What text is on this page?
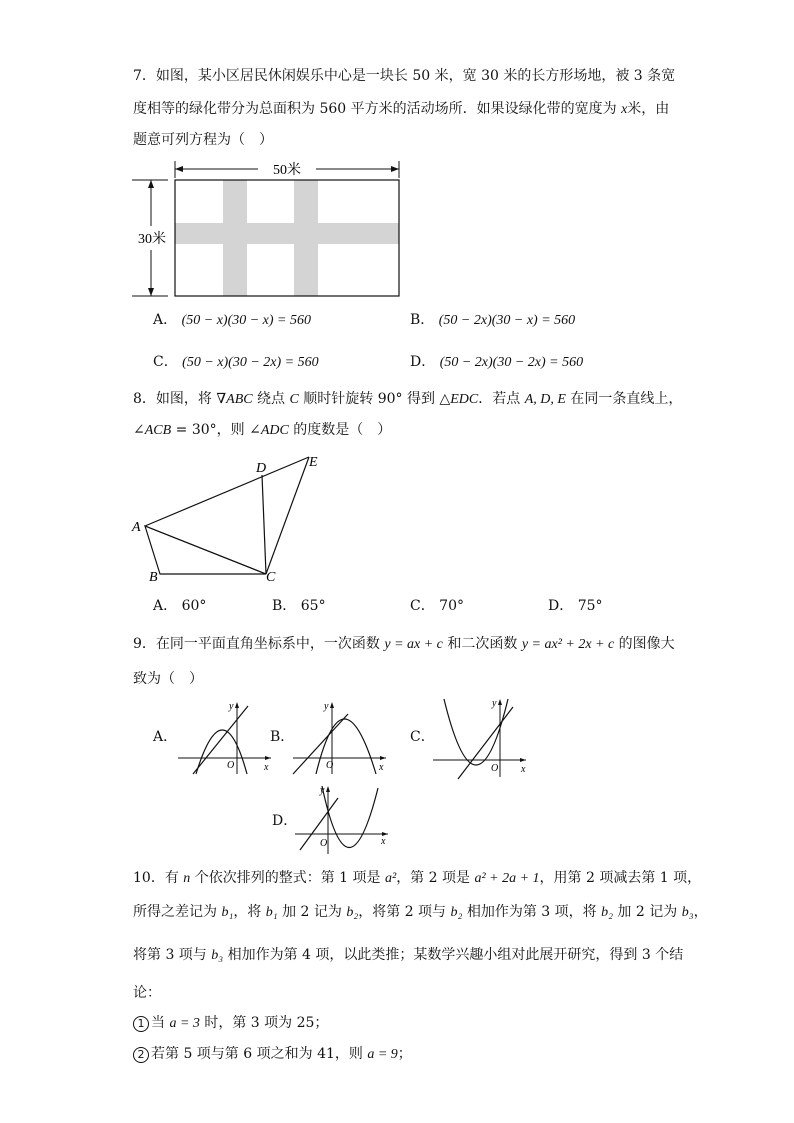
7．如图，某小区居民休闲娱乐中心是一块长 50 米，宽 30 米的长方形场地，被 3 条宽
度相等的绿化带分为总面积为 560 平方米的活动场所．如果设绿化带的宽度为 x米，由
题意可列方程为（　）
50米
30米
A． (50 − x)(30 − x) = 560	B． (50 − 2x)(30 − x) = 560
C． (50 − x)(30 − 2x) = 560	D． (50 − 2x)(30 − 2x) = 560
8．如图，将 ∇ABC 绕点 C 顺时针旋转 90° 得到 △EDC．若点 A, D, E 在同一条直线上，
∠ACB = 30°，则 ∠ADC 的度数是（　）
A
B	C
D	E
A． 60°	B． 65°	C． 70°	D． 75°
9．在同一平面直角坐标系中，一次函数 y = ax + c 和二次函数 y = ax² + 2x + c 的图像大
致为（　）
A．
O	x
y
B．
O	x
y
C．
O x
y
D．
O	x
y
10．有 n 个依次排列的整式：第 1 项是 a²，第 2 项是 a² + 2a + 1，用第 2 项减去第 1 项，
所得之差记为 b₁，将 b₁ 加 2 记为 b₂，将第 2 项与 b₂ 相加作为第 3 项，将 b₂ 加 2 记为 b₃，
将第 3 项与 b₃ 相加作为第 4 项，以此类推；某数学兴趣小组对此展开研究，得到 3 个结
论：
1 当 a = 3 时，第 3 项为 25；
2 若第 5 项与第 6 项之和为 41，则 a = 9；
